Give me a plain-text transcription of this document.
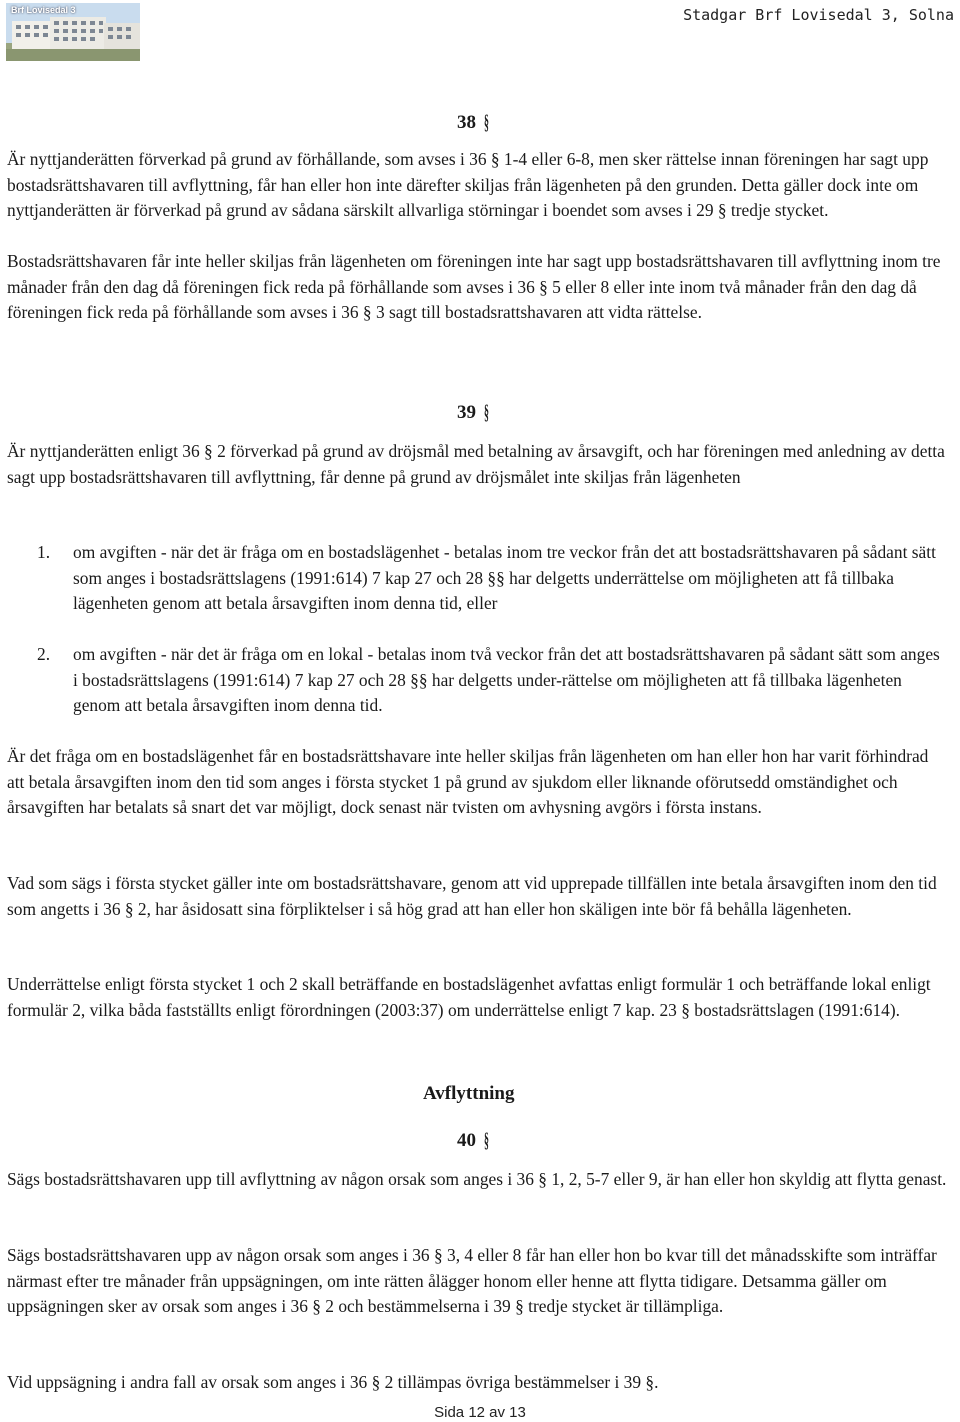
Brf Lovisedal 3	Stadgar Brf Lovisedal 3, Solna
38 §
Är nyttjanderätten förverkad på grund av förhållande, som avses i 36 § 1-4 eller 6-8, men sker rättelse innan föreningen har sagt upp bostadsrättshavaren till avflyttning, får han eller hon inte därefter skiljas från lägenheten på den grunden. Detta gäller dock inte om nyttjanderätten är förverkad på grund av sådana särskilt allvarliga störningar i boendet som avses i 29 § tredje stycket.
Bostadsrättshavaren får inte heller skiljas från lägenheten om föreningen inte har sagt upp bostadsrättshavaren till avflyttning inom tre månader från den dag då föreningen fick reda på förhållande som avses i 36 § 5 eller 8 eller inte inom två månader från den dag då föreningen fick reda på förhållande som avses i 36 § 3 sagt till bostadsrattshavaren att vidta rättelse.
39 §
Är nyttjanderätten enligt 36 § 2 förverkad på grund av dröjsmål med betalning av årsavgift, och har föreningen med anledning av detta sagt upp bostadsrättshavaren till avflyttning, får denne på grund av dröjsmålet inte skiljas från lägenheten
1. om avgiften - när det är fråga om en bostadslägenhet - betalas inom tre veckor från det att bostadsrättshavaren på sådant sätt som anges i bostadsrättslagens (1991:614) 7 kap 27 och 28 §§ har delgetts underrättelse om möjligheten att få tillbaka lägenheten genom att betala årsavgiften inom denna tid, eller
2. om avgiften - när det är fråga om en lokal - betalas inom två veckor från det att bostadsrättshavaren på sådant sätt som anges i bostadsrättslagens (1991:614) 7 kap 27 och 28 §§ har delgetts under-rättelse om möjligheten att få tillbaka lägenheten genom att betala årsavgiften inom denna tid.
Är det fråga om en bostadslägenhet får en bostadsrättshavare inte heller skiljas från lägenheten om han eller hon har varit förhindrad att betala årsavgiften inom den tid som anges i första stycket 1 på grund av sjukdom eller liknande oförutsedd omständighet och årsavgiften har betalats så snart det var möjligt, dock senast när tvisten om avhysning avgörs i första instans.
Vad som sägs i första stycket gäller inte om bostadsrättshavare, genom att vid upprepade tillfällen inte betala årsavgiften inom den tid som angetts i 36 § 2, har åsidosatt sina förpliktelser i så hög grad att han eller hon skäligen inte bör få behålla lägenheten.
Underrättelse enligt första stycket 1 och 2 skall beträffande en bostadslägenhet avfattas enligt formulär 1 och beträffande lokal enligt formulär 2, vilka båda fastställts enligt förordningen (2003:37) om underrättelse enligt 7 kap. 23 § bostadsrättslagen (1991:614).
Avflyttning
40 §
Sägs bostadsrättshavaren upp till avflyttning av någon orsak som anges i 36 § 1, 2, 5-7 eller 9, är han eller hon skyldig att flytta genast.
Sägs bostadsrättshavaren upp av någon orsak som anges i 36 § 3, 4 eller 8 får han eller hon bo kvar till det månadsskifte som inträffar närmast efter tre månader från uppsägningen, om inte rätten ålägger honom eller henne att flytta tidigare. Detsamma gäller om uppsägningen sker av orsak som anges i 36 § 2 och bestämmelserna i 39 § tredje stycket är tillämpliga.
Vid uppsägning i andra fall av orsak som anges i 36 § 2 tillämpas övriga bestämmelser i 39 §.
Sida 12 av 13
